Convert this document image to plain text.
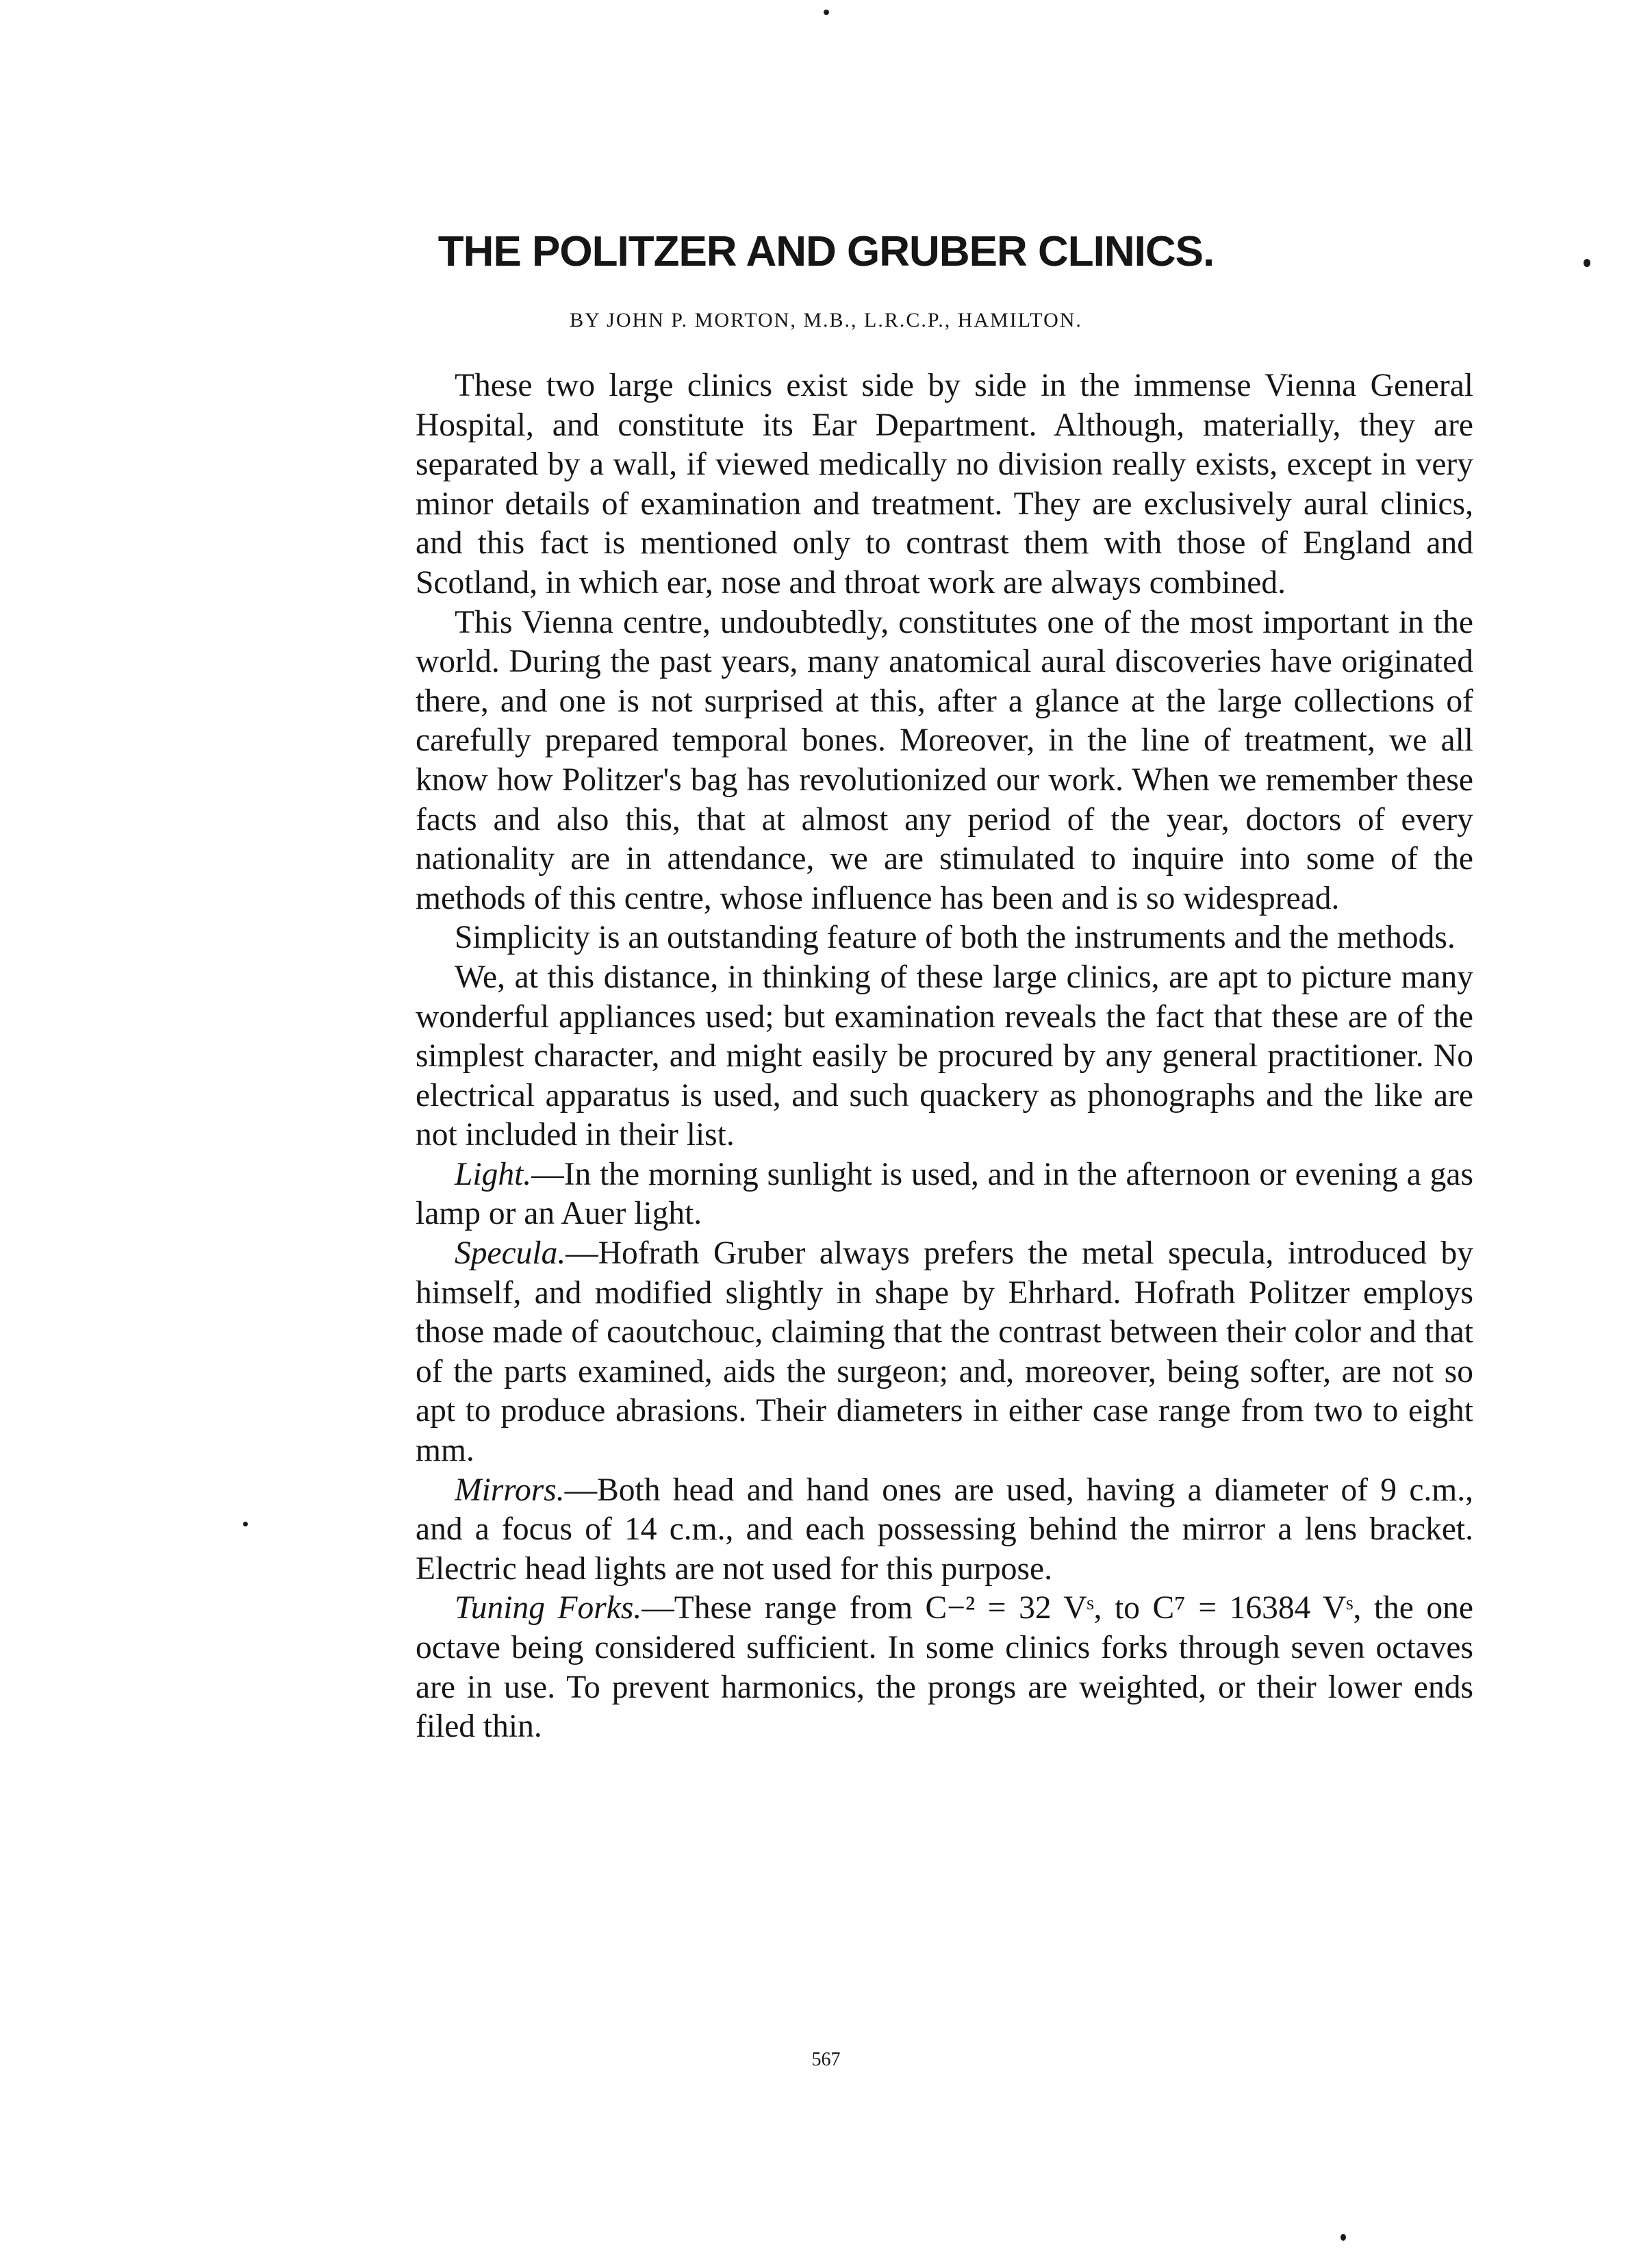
THE POLITZER AND GRUBER CLINICS.
BY JOHN P. MORTON, M.B., L.R.C.P., HAMILTON.

These two large clinics exist side by side in the immense Vienna General Hospital, and constitute its Ear Department. Although, materially, they are separated by a wall, if viewed medically no division really exists, except in very minor details of examination and treatment. They are exclusively aural clinics, and this fact is mentioned only to contrast them with those of England and Scotland, in which ear, nose and throat work are always combined.

This Vienna centre, undoubtedly, constitutes one of the most important in the world. During the past years, many anatomical aural discoveries have originated there, and one is not surprised at this, after a glance at the large collections of carefully prepared temporal bones. Moreover, in the line of treatment, we all know how Politzer's bag has revolutionized our work. When we remember these facts and also this, that at almost any period of the year, doctors of every nationality are in attendance, we are stimulated to inquire into some of the methods of this centre, whose influence has been and is so widespread.

Simplicity is an outstanding feature of both the instruments and the methods.

We, at this distance, in thinking of these large clinics, are apt to picture many wonderful appliances used; but examination reveals the fact that these are of the simplest character, and might easily be procured by any general practitioner. No electrical apparatus is used, and such quackery as phonographs and the like are not included in their list.

Light.—In the morning sunlight is used, and in the afternoon or evening a gas lamp or an Auer light.

Specula.—Hofrath Gruber always prefers the metal specula, introduced by himself, and modified slightly in shape by Ehrhard. Hofrath Politzer employs those made of caoutchouc, claiming that the contrast between their color and that of the parts examined, aids the surgeon; and, moreover, being softer, are not so apt to produce abrasions. Their diameters in either case range from two to eight mm.

Mirrors.—Both head and hand ones are used, having a diameter of 9 c.m., and a focus of 14 c.m., and each possessing behind the mirror a lens bracket. Electric head lights are not used for this purpose.

Tuning Forks.—These range from C−² = 32 Vˢ, to C⁷ = 16384 Vˢ, the one octave being considered sufficient. In some clinics forks through seven octaves are in use. To prevent harmonics, the prongs are weighted, or their lower ends filed thin.

567
